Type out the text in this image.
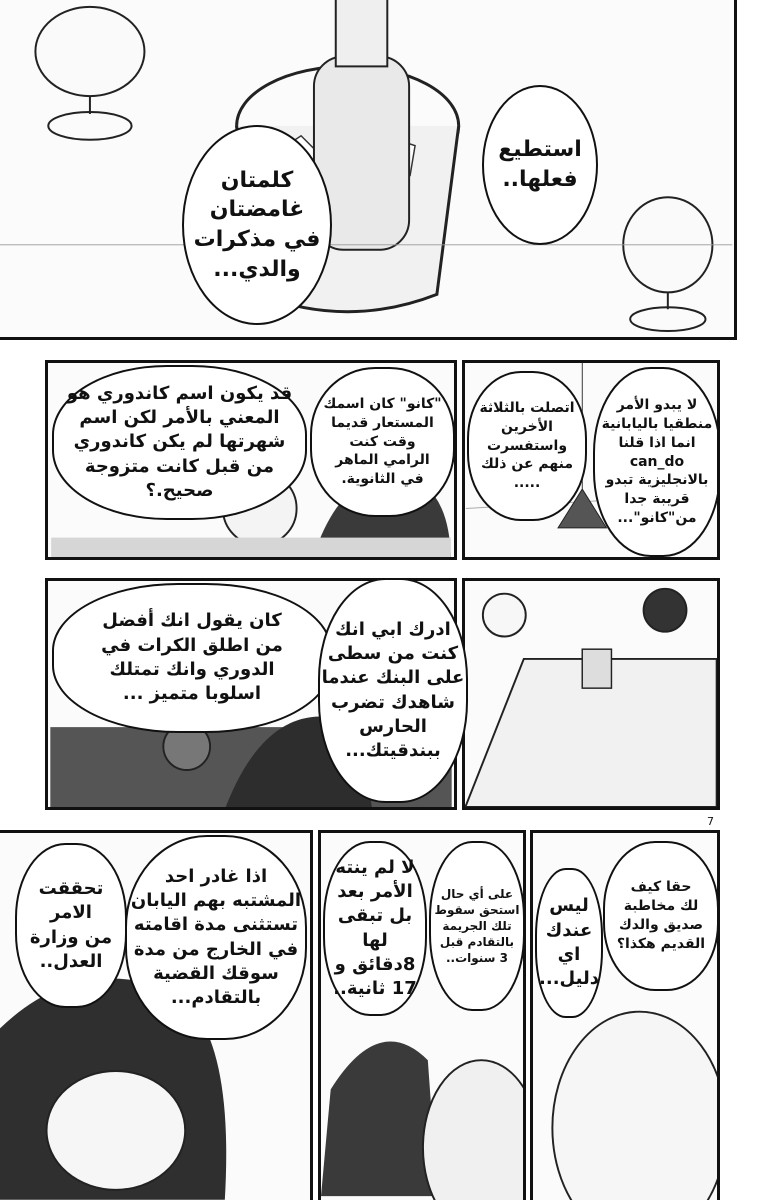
استطيع
فعلها..
كلمتان
غامضتان
في مذكرات
والدي...
لا يبدو الأمر
منطقيا باليابانية
انما اذا قلنا
can_do
بالانجليزية تبدو
قريبة جدا
من"كانو"...
اتصلت بالثلاثة
الأخرين
واستفسرت
منهم عن ذلك
.....
"كانو" كان اسمك
المستعار قديما
وقت كنت
الرامي الماهر
في الثانوية.
قد يكون اسم كاندوري هو
المعني بالأمر لكن اسم
شهرتها لم يكن كاندوري
من قبل كانت متزوجة
صحيح.؟
كان يقول انك أفضل
من اطلق الكرات في
الدوري وانك تمتلك
اسلوبا متميز ...
ادرك ابي انك
كنت من سطى
على البنك عندما
شاهدك تضرب
الحارس
ببندقيتك...
7
حقا كيف
لك مخاطبة
صديق والدك
القديم هكذا؟
ليس
عندك
اي
دليل...
على أي حال
استحق سقوط
تلك الجريمة
بالتقادم قبل
3 سنوات..
لا لم ينته
الأمر بعد
بل تبقى لها
8دقائق و
17 ثانية..
اذا غادر احد
المشتبه بهم اليابان
تستثنى مدة اقامته
في الخارج من مدة
سوقك القضية
بالتقادم...
تحققت
الامر
من وزارة
العدل..
